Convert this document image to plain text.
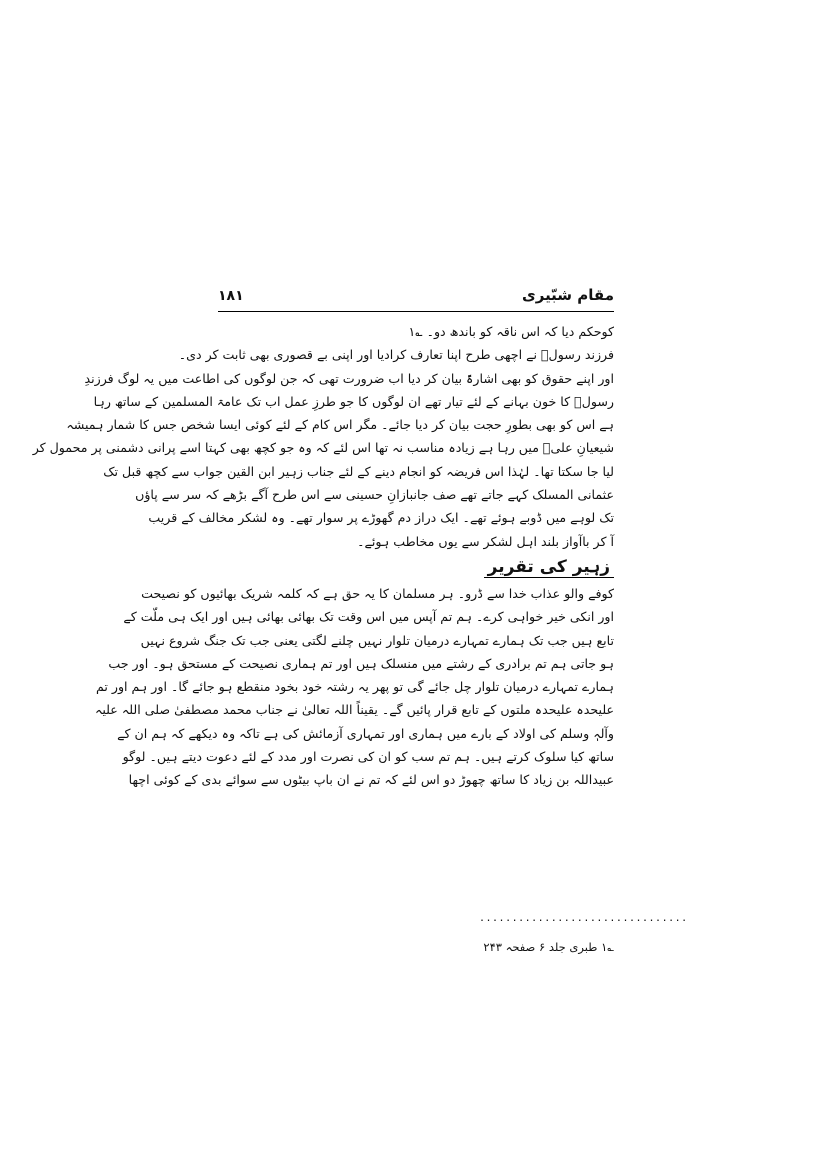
مقام شبّیری
۱۸۱
کوحکم دیا کہ اس ناقہ کو باندھ دو۔ ؎۱
فرزند رسولؐ نے اچھی طرح اپنا تعارف کرادیا اور اپنی بے قصوری بھی ثابت کر دی۔
اور اپنے حقوق کو بھی اشارۃً بیان کر دیا اب ضرورت تھی کہ جن لوگوں کی اطاعت میں یہ لوگ فرزندِ
رسولؐ کا خون بہانے کے لئے تیار تھے ان لوگوں کا جو طرزِ عمل اب تک عامۃ المسلمین کے ساتھ رہا
ہے اس کو بھی بطورِ حجت بیان کر دیا جائے۔ مگر اس کام کے لئے کوئی ایسا شخص جس کا شمار ہمیشہ
شیعیانِ علیؑ میں رہا ہے زیادہ مناسب نہ تھا اس لئے کہ وہ جو کچھ بھی کہتا اسے پرانی دشمنی پر محمول کر
لیا جا سکتا تھا۔ لہٰذا اس فریضہ کو انجام دینے کے لئے جناب زہیر ابن القین جواب سے کچھ قبل تک
عثمانی المسلک کہے جاتے تھے صف جانبازانِ حسینی سے اس طرح آگے بڑھے کہ سر سے پاؤں
تک لوہے میں ڈوبے ہوئے تھے۔ ایک دراز دم گھوڑے پر سوار تھے۔ وہ لشکر مخالف کے قریب
آ کر باآواز بلند اہل لشکر سے یوں مخاطب ہوئے۔
زہیر کی تقریر
کوفے والو عذاب خدا سے ڈرو۔ ہر مسلمان کا یہ حق ہے کہ کلمہ شریک بھائیوں کو نصیحت
اور انکی خیر خواہی کرے۔ ہم تم آپس میں اس وقت تک بھائی بھائی ہیں اور ایک ہی ملّت کے
تابع ہیں جب تک ہمارے تمہارے درمیان تلوار نہیں چلنے لگتی یعنی جب تک جنگ شروع نہیں
ہو جاتی ہم تم برادری کے رشتے میں منسلک ہیں اور تم ہماری نصیحت کے مستحق ہو۔ اور جب
ہمارے تمہارے درمیان تلوار چل جائے گی تو پھر یہ رشتہ خود بخود منقطع ہو جائے گا۔ اور ہم اور تم
علیحدہ علیحدہ ملتوں کے تابع قرار پائیں گے۔ یقیناً اللہ تعالیٰ نے جناب محمد مصطفیٰ صلی اللہ علیہ
وآلہٖ وسلم کی اولاد کے بارے میں ہماری اور تمہاری آزمائش کی ہے تاکہ وہ دیکھے کہ ہم ان کے
ساتھ کیا سلوک کرتے ہیں۔ ہم تم سب کو ان کی نصرت اور مدد کے لئے دعوت دیتے ہیں۔ لوگو
عبیداللہ بن زیاد کا ساتھ چھوڑ دو اس لئے کہ تم نے ان باپ بیٹوں سے سوائے بدی کے کوئی اچھا
................................
؎۱ طبری جلد ۶ صفحہ ۲۴۳
